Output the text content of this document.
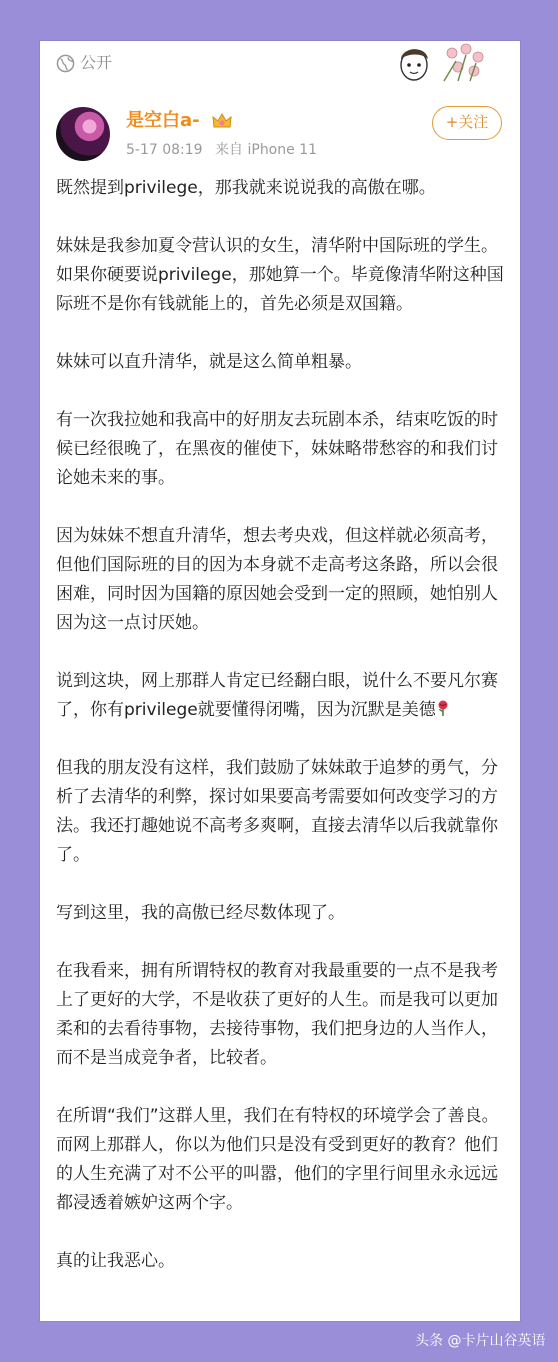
公开
是空白a-
5-17 08:19 来自 iPhone 11
+关注

既然提到privilege，那我就来说说我的高傲在哪。

妹妹是我参加夏令营认识的女生，清华附中国际班的学生。如果你硬要说privilege，那她算一个。毕竟像清华附这种国际班不是你有钱就能上的，首先必须是双国籍。

妹妹可以直升清华，就是这么简单粗暴。

有一次我拉她和我高中的好朋友去玩剧本杀，结束吃饭的时候已经很晚了，在黑夜的催使下，妹妹略带愁容的和我们讨论她未来的事。

因为妹妹不想直升清华，想去考央戏，但这样就必须高考，但他们国际班的目的因为本身就不走高考这条路，所以会很困难，同时因为国籍的原因她会受到一定的照顾，她怕别人因为这一点讨厌她。

说到这块，网上那群人肯定已经翻白眼，说什么不要凡尔赛了，你有privilege就要懂得闭嘴，因为沉默是美德

但我的朋友没有这样，我们鼓励了妹妹敢于追梦的勇气，分析了去清华的利弊，探讨如果要高考需要如何改变学习的方法。我还打趣她说不高考多爽啊，直接去清华以后我就靠你了。

写到这里，我的高傲已经尽数体现了。

在我看来，拥有所谓特权的教育对我最重要的一点不是我考上了更好的大学，不是收获了更好的人生。而是我可以更加柔和的去看待事物，去接待事物，我们把身边的人当作人，而不是当成竞争者，比较者。

在所谓“我们”这群人里，我们在有特权的环境学会了善良。而网上那群人，你以为他们只是没有受到更好的教育？他们的人生充满了对不公平的叫嚣，他们的字里行间里永永远远都浸透着嫉妒这两个字。

真的让我恶心。

头条 @卡片山谷英语
